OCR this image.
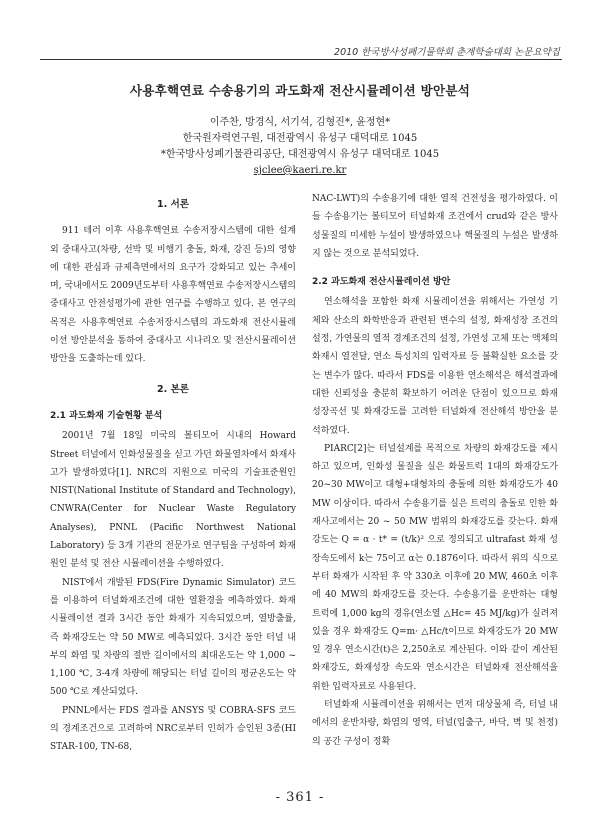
2010 한국방사성폐기물학회 춘계학술대회 논문요약집
사용후핵연료 수송용기의 과도화재 전산시뮬레이션 방안분석
이주찬, 방경식, 서기석, 김형진*, 윤정현*
한국원자력연구원, 대전광역시 유성구 대덕대로 1045
*한국방사성폐기물관리공단, 대전광역시 유성구 대덕대로 1045
sjclee@kaeri.re.kr
1. 서론

911 테러 이후 사용후핵연료 수송저장시스템에 대한 설계 외 중대사고(차량, 선박 및 비행기 충돌, 화재, 강진 등)의 영향에 대한 관심과 규제측면에서의 요구가 강화되고 있는 추세이며, 국내에서도 2009년도부터 사용후핵연료 수송저장시스템의 중대사고 안전성평가에 관한 연구를 수행하고 있다. 본 연구의 목적은 사용후핵연료 수송저장시스템의 과도화재 전산시뮬레이션 방안분석을 통하여 중대사고 시나리오 및 전산시뮬레이션 방안을 도출하는데 있다.

2. 본론
2.1 과도화재 기술현황 분석

2001년 7월 18일 미국의 볼티모어 시내의 Howard Street 터널에서 인화성물질을 싣고 가던 화물열차에서 화재사고가 발생하였다[1]. NRC의 지원으로 미국의 기술표준원인 NIST(National Institute of Standard and Technology), CNWRA(Center for Nuclear Waste Regulatory Analyses), PNNL (Pacific Northwest National Laboratory) 등 3개 기관의 전문가로 연구팀을 구성하여 화재 원인 분석 및 전산 시뮬레이션을 수행하였다.

NIST에서 개발된 FDS(Fire Dynamic Simulator) 코드를 이용하여 터널화재조건에 대한 열환경을 예측하였다. 화재 시뮬레이션 결과 3시간 동안 화재가 지속되었으며, 열방출률, 즉 화재강도는 약 50 MW로 예측되었다. 3시간 동안 터널 내부의 화염 및 차량의 절반 길이에서의 최대온도는 약 1,000 ~ 1,100 ℃, 3-4개 차량에 해당되는 터널 길이의 평균온도는 약 500 ℃로 계산되었다.

PNNL에서는 FDS 결과를 ANSYS 및 COBRA-SFS 코드의 경계조건으로 고려하여 NRC로부터 인허가 승인된 3종(HI STAR-100, TN-68,

NAC-LWT)의 수송용기에 대한 열적 건전성을 평가하였다. 이들 수송용기는 볼티모어 터널화재 조건에서 crud와 같은 방사성물질의 미세한 누설이 발생하였으나 핵물질의 누설은 발생하지 않는 것으로 분석되었다.

2.2 과도화재 전산시뮬레이션 방안

연소해석을 포함한 화재 시뮬레이션을 위해서는 가연성 기체와 산소의 화학반응과 관련된 변수의 설정, 화재성장 조건의 설정, 가연물의 열적 경계조건의 설정, 가연성 고체 또는 액체의 화재시 열전달, 연소 특성치의 입력자료 등 불확실한 요소를 갖는 변수가 많다. 따라서 FDS를 이용한 연소해석은 해석결과에 대한 신뢰성을 충분히 확보하기 어려운 단점이 있으므로 화재성장곡선 및 화재강도를 고려한 터널화재 전산해석 방안을 분석하였다.

PIARC[2]는 터널설계를 목적으로 차량의 화재강도를 제시하고 있으며, 인화성 물질을 실은 화물트럭 1대의 화재강도가 20~30 MW이고 대형+대형차의 충돌에 의한 화재강도가 40 MW 이상이다. 따라서 수송용기를 실은 트럭의 충돌로 인한 화재사고에서는 20 ~ 50 MW 범위의 화재강도를 갖는다. 화재강도는 Q = α · t* = (t/k)² 으로 정의되고 ultrafast 화재 성장속도에서 k는 75이고 α는 0.1876이다. 따라서 위의 식으로부터 화재가 시작된 후 약 330초 이후에 20 MW, 460초 이후에 40 MW의 화재강도를 갖는다. 수송용기를 운반하는 대형 트럭에 1,000 kg의 경유(연소열 △Hc= 45 MJ/kg)가 실려져 있을 경우 화재강도 Q=m· △Hc/t이므로 화재강도가 20 MW일 경우 연소시간(t)은 2,250초로 계산된다. 이와 같이 계산된 화재강도, 화재성장 속도와 연소시간은 터널화재 전산해석을 위한 입력자료로 사용된다.

터널화재 시뮬레이션을 위해서는 먼저 대상물체 즉, 터널 내에서의 운반차량, 화염의 영역, 터널(입출구, 바닥, 벽 및 천정)의 공간 구성이 정확

- 361 -
